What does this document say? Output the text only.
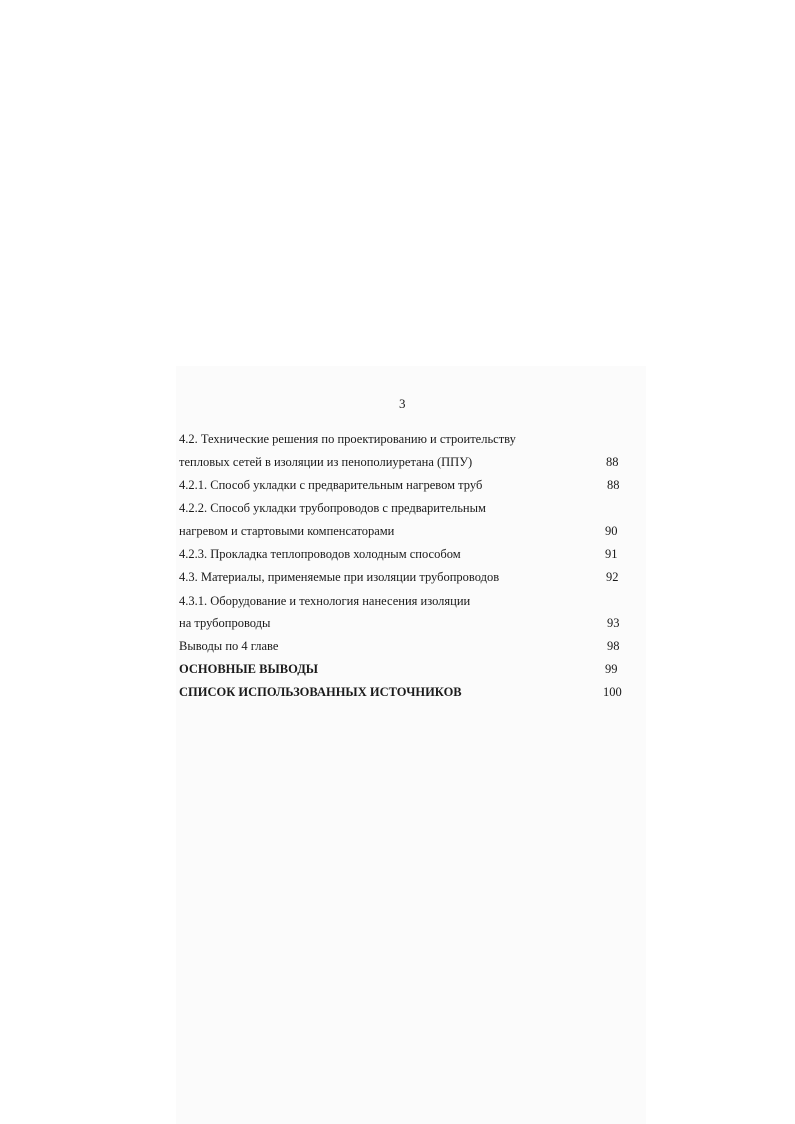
3
4.2. Технические решения по проектированию и строительству
тепловых сетей в изоляции из пенополиуретана (ППУ)	88
4.2.1. Способ укладки с предварительным нагревом труб	88
4.2.2. Способ укладки трубопроводов с предварительным
нагревом и стартовыми компенсаторами	90
4.2.3. Прокладка теплопроводов холодным способом	91
4.3. Материалы, применяемые при изоляции трубопроводов	92
4.3.1. Оборудование и технология нанесения изоляции
на трубопроводы	93
Выводы по 4 главе	98
ОСНОВНЫЕ ВЫВОДЫ	99
СПИСОК ИСПОЛЬЗОВАННЫХ ИСТОЧНИКОВ	100
